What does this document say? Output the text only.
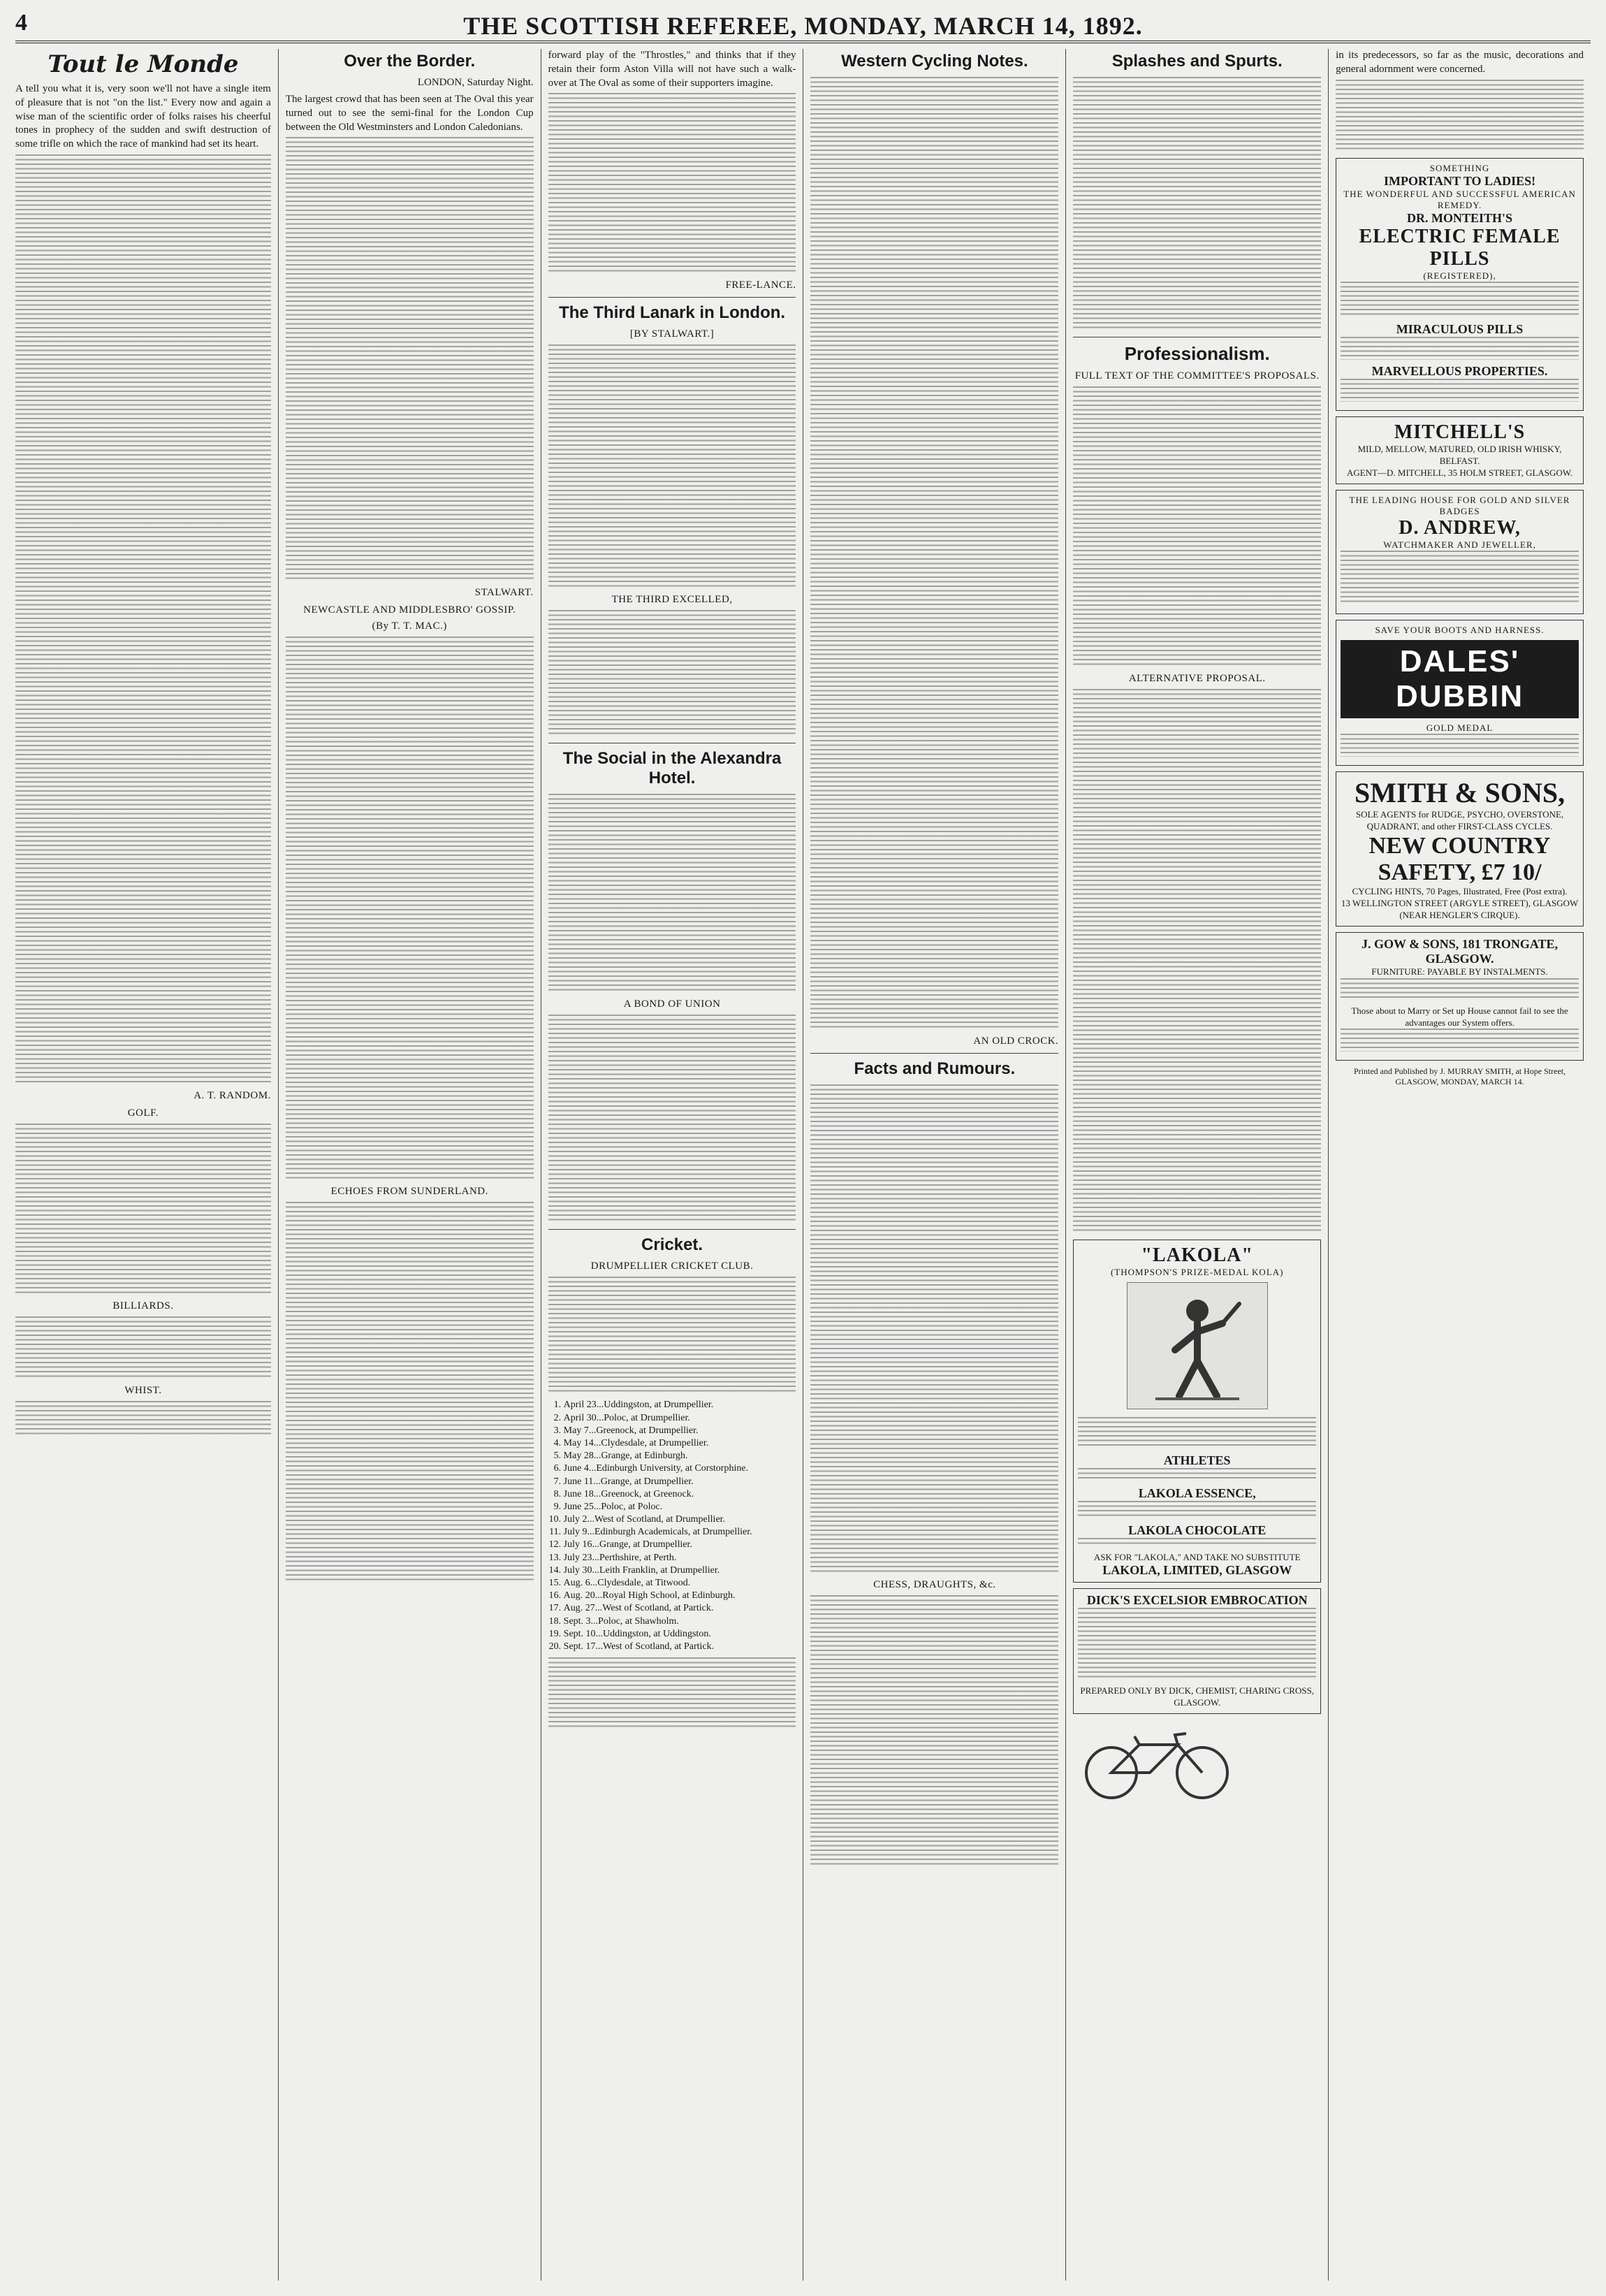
4	THE SCOTTISH REFEREE, MONDAY, MARCH 14, 1892.
Tout le Monde

A tell you what it is, very soon we'll not have a single item of pleasure that is not "on the list." Every now and again a wise man of the scientific order of folks raises his cheerful tones in prophecy of the sudden and swift destruction of some trifle on which the race of mankind had set its heart.

A. T. RANDOM.
GOLF.
BILLIARDS.
WHIST.
Over the Border.
LONDON, Saturday Night.

The largest crowd that has been seen at The Oval this year turned out to see the semi-final for the London Cup between the Old Westminsters and London Caledonians.

STALWART.
NEWCASTLE AND MIDDLESBRO' GOSSIP.
(By T. T. MAC.)
ECHOES FROM SUNDERLAND.

forward play of the "Throstles," and thinks that if they retain their form Aston Villa will not have such a walk-over at The Oval as some of their supporters imagine.

FREE-LANCE.
The Third Lanark in London.
[BY STALWART.]
THE THIRD EXCELLED,
The Social in the Alexandra Hotel.
A BOND OF UNION
Cricket.
DRUMPELLIER CRICKET CLUB.
1. April 23...Uddingston, at Drumpellier.
2. April 30...Poloc, at Drumpellier.
3. May 7...Greenock, at Drumpellier.
4. May 14...Clydesdale, at Drumpellier.
5. May 28...Grange, at Edinburgh.
6. June 4...Edinburgh University, at Corstorphine.
7. June 11...Grange, at Drumpellier.
8. June 18...Greenock, at Greenock.
9. June 25...Poloc, at Poloc.
10. July 2...West of Scotland, at Drumpellier.
11. July 9...Edinburgh Academicals, at Drumpellier.
12. July 16...Grange, at Drumpellier.
13. July 23...Perthshire, at Perth.
14. July 30...Leith Franklin, at Drumpellier.
15. Aug. 6...Clydesdale, at Titwood.
16. Aug. 20...Royal High School, at Edinburgh.
17. Aug. 27...West of Scotland, at Partick.
18. Sept. 3...Poloc, at Shawholm.
19. Sept. 10...Uddingston, at Uddingston.
20. Sept. 17...West of Scotland, at Partick.
Western Cycling Notes.
AN OLD CROCK.
Facts and Rumours.
CHESS, DRAUGHTS, &c.
Splashes and Spurts.
Professionalism.
FULL TEXT OF THE COMMITTEE'S PROPOSALS.
ALTERNATIVE PROPOSAL.
"LAKOLA"
(THOMPSON'S PRIZE-MEDAL KOLA)
ATHLETES
LAKOLA ESSENCE,
LAKOLA CHOCOLATE
ASK FOR "LAKOLA," AND TAKE NO SUBSTITUTE
LAKOLA, LIMITED, GLASGOW
DICK'S EXCELSIOR EMBROCATION
PREPARED ONLY BY DICK, CHEMIST, CHARING CROSS, GLASGOW.

in its predecessors, so far as the music, decorations and general adornment were concerned.

SOMETHING
IMPORTANT TO LADIES!
THE WONDERFUL AND SUCCESSFUL AMERICAN REMEDY.
DR. MONTEITH'S
ELECTRIC FEMALE PILLS
(REGISTERED),
MIRACULOUS PILLS
MARVELLOUS PROPERTIES.
MITCHELL'S
MILD, MELLOW, MATURED, OLD IRISH WHISKY, BELFAST.
AGENT—D. MITCHELL, 35 HOLM STREET, GLASGOW.
THE LEADING HOUSE FOR GOLD AND SILVER BADGES
D. ANDREW,
WATCHMAKER AND JEWELLER,
SAVE YOUR BOOTS AND HARNESS.
DALES' DUBBIN
GOLD MEDAL
SMITH & SONS,
SOLE AGENTS for RUDGE, PSYCHO, OVERSTONE, QUADRANT, and other FIRST-CLASS CYCLES.
NEW COUNTRY SAFETY, £7 10/
CYCLING HINTS, 70 Pages, Illustrated, Free (Post extra).
13 WELLINGTON STREET (ARGYLE STREET), GLASGOW (NEAR HENGLER'S CIRQUE).
J. GOW & SONS, 181 TRONGATE, GLASGOW.
FURNITURE: PAYABLE BY INSTALMENTS.
Those about to Marry or Set up House cannot fail to see the advantages our System offers.
Printed and Published by J. MURRAY SMITH, at Hope Street, GLASGOW, MONDAY, MARCH 14.
